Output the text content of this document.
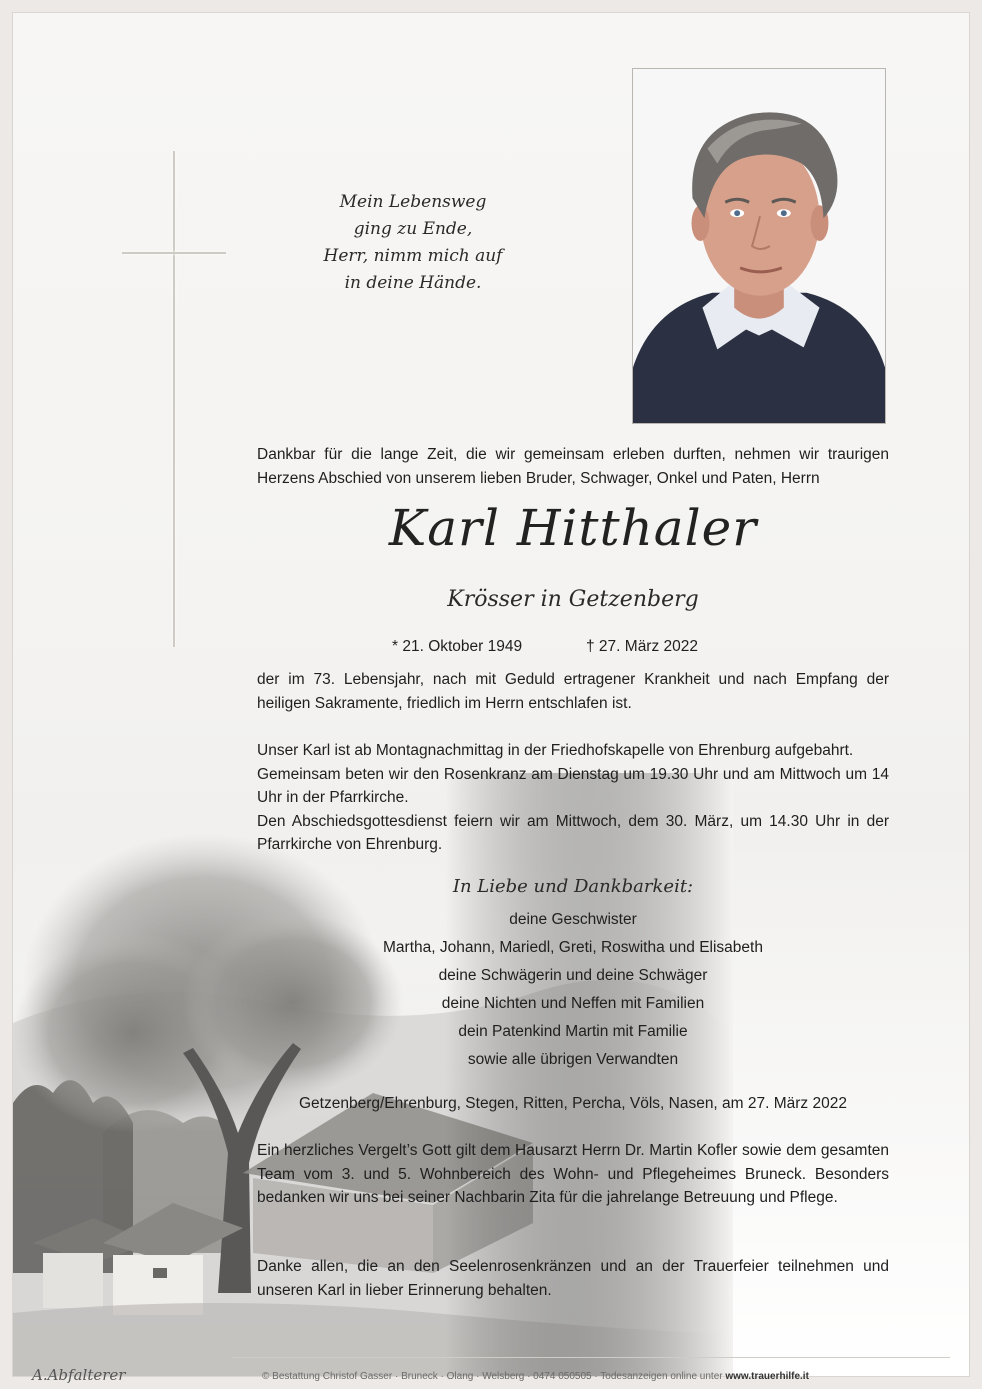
Mein Lebensweg
ging zu Ende,
Herr, nimm mich auf
in deine Hände.
Dankbar für die lange Zeit, die wir gemeinsam erleben durften, nehmen wir traurigen Herzens Abschied von unserem lieben Bruder, Schwager, Onkel und Paten, Herrn
Karl Hitthaler
Krösser in Getzenberg
* 21. Oktober 1949	† 27. März 2022
der im 73. Lebensjahr, nach mit Geduld ertragener Krankheit und nach Empfang der heiligen Sakramente, friedlich im Herrn entschlafen ist.
Unser Karl ist ab Montagnachmittag in der Friedhofskapelle von Ehrenburg aufgebahrt.
Gemeinsam beten wir den Rosenkranz am Dienstag um 19.30 Uhr und am Mittwoch um 14 Uhr in der Pfarrkirche.
Den Abschiedsgottesdienst feiern wir am Mittwoch, dem 30. März, um 14.30 Uhr in der Pfarrkirche von Ehrenburg.
In Liebe und Dankbarkeit:
deine Geschwister
Martha, Johann, Mariedl, Greti, Roswitha und Elisabeth
deine Schwägerin und deine Schwäger
deine Nichten und Neffen mit Familien
dein Patenkind Martin mit Familie
sowie alle übrigen Verwandten
Getzenberg/Ehrenburg, Stegen, Ritten, Percha, Völs, Nasen, am 27. März 2022
Ein herzliches Vergelt’s Gott gilt dem Hausarzt Herrn Dr. Martin Kofler sowie dem gesamten Team vom 3. und 5. Wohnbereich des Wohn- und Pflegeheimes Bruneck. Besonders bedanken wir uns bei seiner Nachbarin Zita für die jahrelange Betreuung und Pflege.
Danke allen, die an den Seelenrosenkränzen und an der Trauerfeier teilnehmen und unseren Karl in lieber Erinnerung behalten.
A.Abfalterer	© Bestattung Christof Gasser · Bruneck · Olang · Welsberg · 0474 050505 · Todesanzeigen online unter www.trauerhilfe.it
